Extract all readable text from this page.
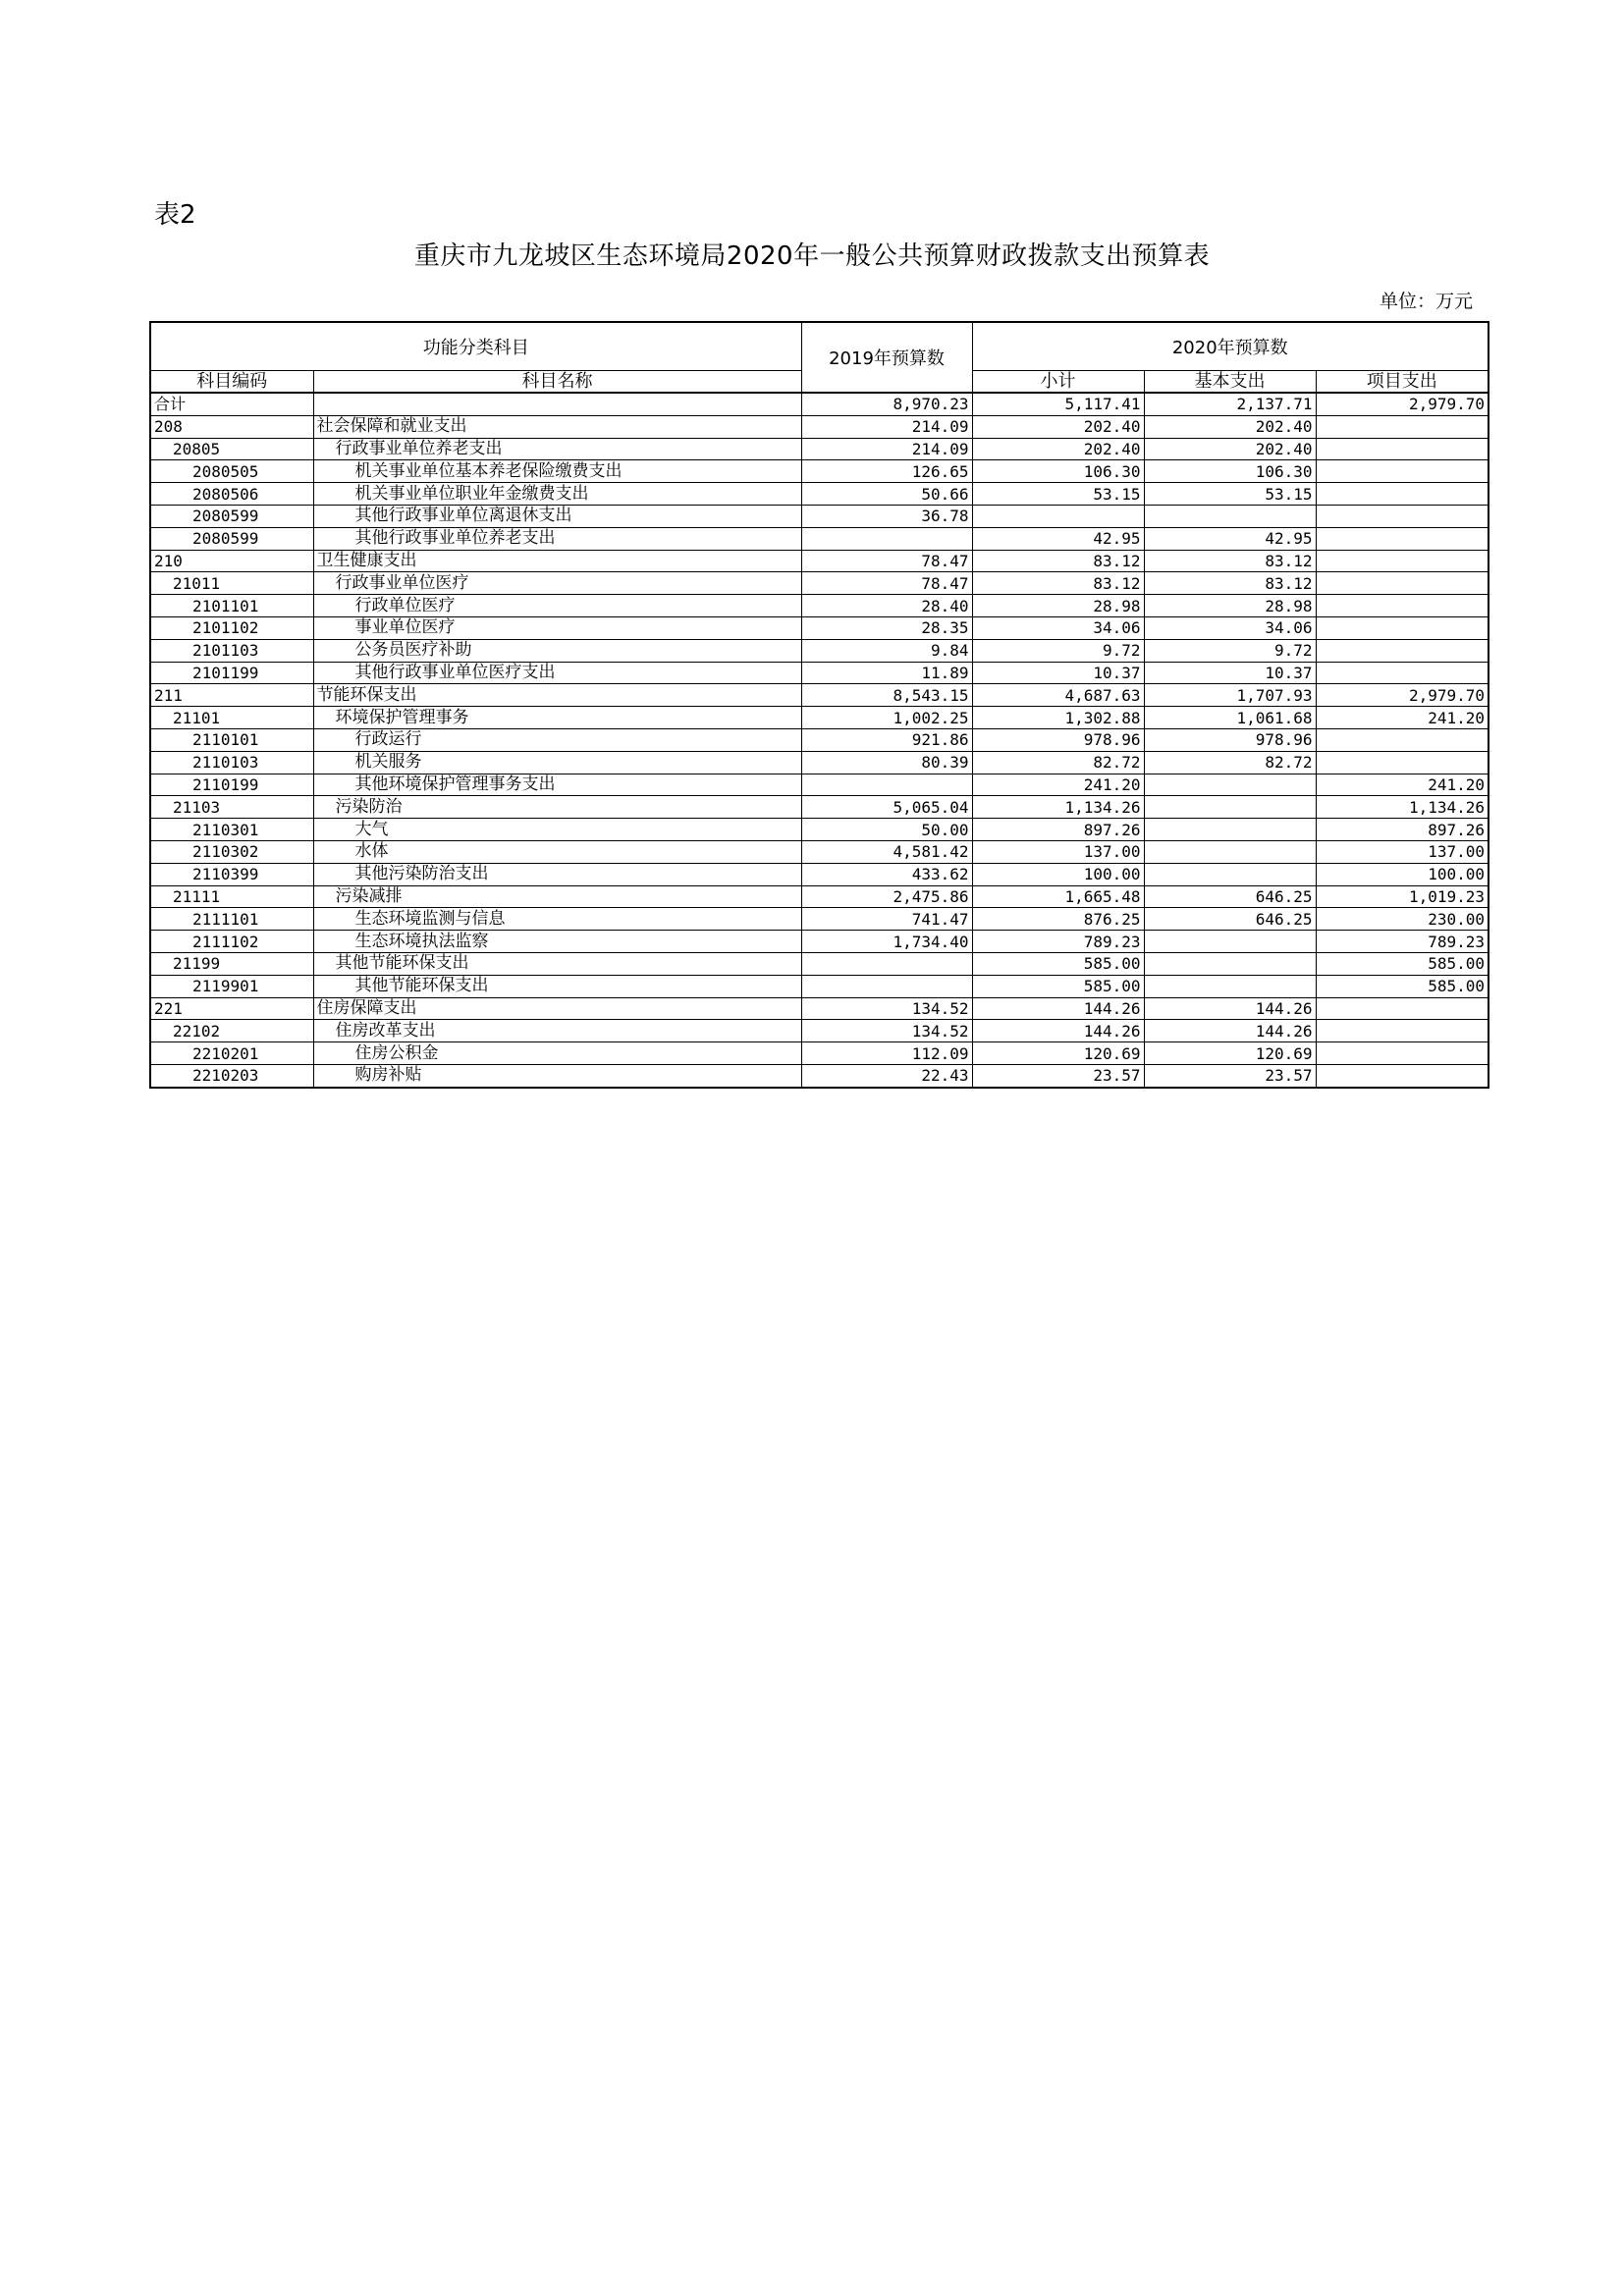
表2
重庆市九龙坡区生态环境局2020年一般公共预算财政拨款支出预算表
单位：万元
功能分类科目		2019年预算数	2020年预算数		
科目编码	科目名称		小计	基本支出	项目支出
合计		8,970.23	5,117.41	2,137.71	2,979.70
208	社会保障和就业支出	214.09	202.40	202.40	
20805	行政事业单位养老支出	214.09	202.40	202.40	
2080505	机关事业单位基本养老保险缴费支出	126.65	106.30	106.30	
2080506	机关事业单位职业年金缴费支出	50.66	53.15	53.15	
2080599	其他行政事业单位离退休支出	36.78			
2080599	其他行政事业单位养老支出		42.95	42.95	
210	卫生健康支出	78.47	83.12	83.12	
21011	行政事业单位医疗	78.47	83.12	83.12	
2101101	行政单位医疗	28.40	28.98	28.98	
2101102	事业单位医疗	28.35	34.06	34.06	
2101103	公务员医疗补助	9.84	9.72	9.72	
2101199	其他行政事业单位医疗支出	11.89	10.37	10.37	
211	节能环保支出	8,543.15	4,687.63	1,707.93	2,979.70
21101	环境保护管理事务	1,002.25	1,302.88	1,061.68	241.20
2110101	行政运行	921.86	978.96	978.96	
2110103	机关服务	80.39	82.72	82.72	
2110199	其他环境保护管理事务支出		241.20		241.20
21103	污染防治	5,065.04	1,134.26		1,134.26
2110301	大气	50.00	897.26		897.26
2110302	水体	4,581.42	137.00		137.00
2110399	其他污染防治支出	433.62	100.00		100.00
21111	污染减排	2,475.86	1,665.48	646.25	1,019.23
2111101	生态环境监测与信息	741.47	876.25	646.25	230.00
2111102	生态环境执法监察	1,734.40	789.23		789.23
21199	其他节能环保支出		585.00		585.00
2119901	其他节能环保支出		585.00		585.00
221	住房保障支出	134.52	144.26	144.26	
22102	住房改革支出	134.52	144.26	144.26	
2210201	住房公积金	112.09	120.69	120.69	
2210203	购房补贴	22.43	23.57	23.57	
